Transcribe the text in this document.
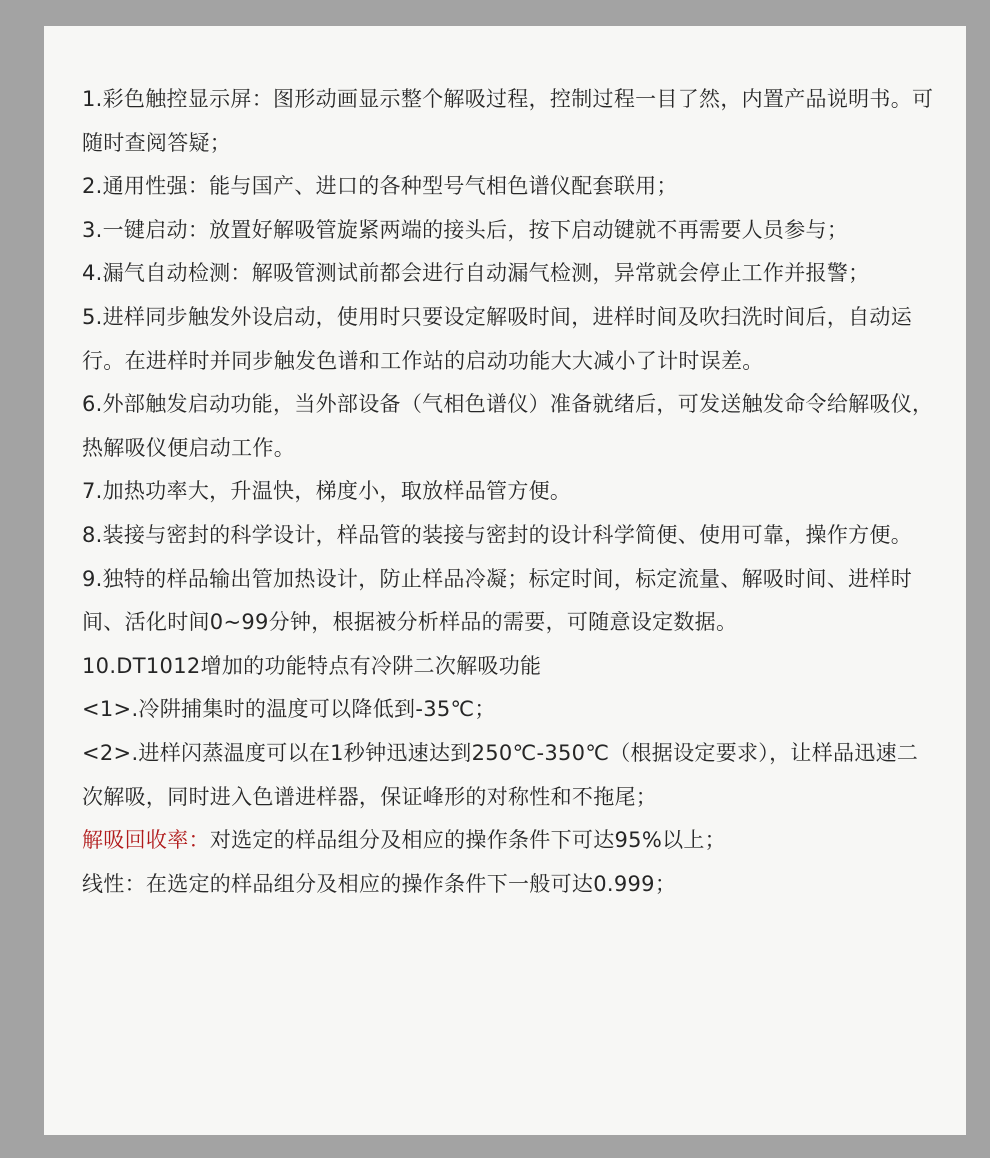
1.彩色触控显示屏：图形动画显示整个解吸过程，控制过程一目了然，内置产品说明书。可随时查阅答疑；

2.通用性强：能与国产、进口的各种型号气相色谱仪配套联用；

3.一键启动：放置好解吸管旋紧两端的接头后，按下启动键就不再需要人员参与；

4.漏气自动检测：解吸管测试前都会进行自动漏气检测，异常就会停止工作并报警；

5.进样同步触发外设启动，使用时只要设定解吸时间，进样时间及吹扫洗时间后，自动运行。在进样时并同步触发色谱和工作站的启动功能大大减小了计时误差。

6.外部触发启动功能，当外部设备（气相色谱仪）准备就绪后，可发送触发命令给解吸仪，热解吸仪便启动工作。

7.加热功率大，升温快，梯度小，取放样品管方便。

8.装接与密封的科学设计，样品管的装接与密封的设计科学简便、使用可靠，操作方便。

9.独特的样品输出管加热设计，防止样品冷凝；标定时间，标定流量、解吸时间、进样时间、活化时间0~99分钟，根据被分析样品的需要，可随意设定数据。

10.DT1012增加的功能特点有冷阱二次解吸功能

<1>.冷阱捕集时的温度可以降低到-35℃；

<2>.进样闪蒸温度可以在1秒钟迅速达到250℃-350℃（根据设定要求），让样品迅速二次解吸，同时进入色谱进样器，保证峰形的对称性和不拖尾；

解吸回收率：对选定的样品组分及相应的操作条件下可达95%以上；

线性：在选定的样品组分及相应的操作条件下一般可达0.999；
